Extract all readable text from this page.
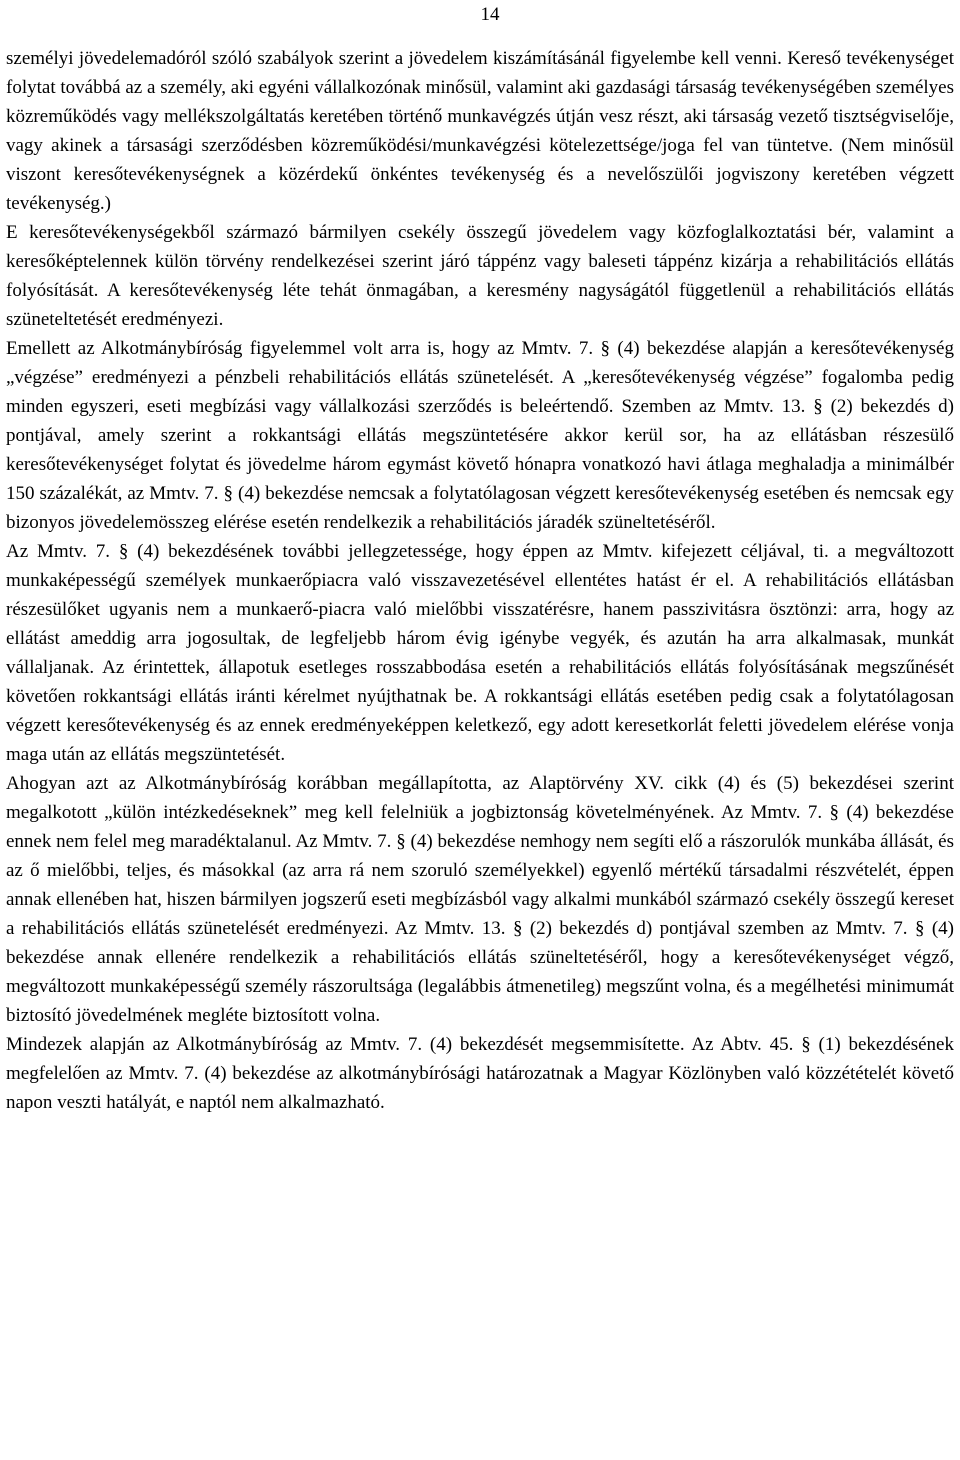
14

személyi jövedelemadóról szóló szabályok szerint a jövedelem kiszámításánál figyelembe kell venni. Kereső tevékenységet folytat továbbá az a személy, aki egyéni vállalkozónak minősül, valamint aki gazdasági társaság tevékenységében személyes közreműködés vagy mellékszolgáltatás keretében történő munkavégzés útján vesz részt, aki társaság vezető tisztségviselője, vagy akinek a társasági szerződésben közreműködési/munkavégzési kötelezettsége/joga fel van tüntetve. (Nem minősül viszont keresőtevékenységnek a közérdekű önkéntes tevékenység és a nevelőszülői jogviszony keretében végzett tevékenység.)

E keresőtevékenységekből származó bármilyen csekély összegű jövedelem vagy közfoglalkoztatási bér, valamint a keresőképtelennek külön törvény rendelkezései szerint járó táppénz vagy baleseti táppénz kizárja a rehabilitációs ellátás folyósítását. A keresőtevékenység léte tehát önmagában, a keresmény nagyságától függetlenül a rehabilitációs ellátás szüneteltetését eredményezi.

Emellett az Alkotmánybíróság figyelemmel volt arra is, hogy az Mmtv. 7. § (4) bekezdése alapján a keresőtevékenység „végzése” eredményezi a pénzbeli rehabilitációs ellátás szünetelését. A „keresőtevékenység végzése” fogalomba pedig minden egyszeri, eseti megbízási vagy vállalkozási szerződés is beleértendő. Szemben az Mmtv. 13. § (2) bekezdés d) pontjával, amely szerint a rokkantsági ellátás megszüntetésére akkor kerül sor, ha az ellátásban részesülő keresőtevékenységet folytat és jövedelme három egymást követő hónapra vonatkozó havi átlaga meghaladja a minimálbér 150 százalékát, az Mmtv. 7. § (4) bekezdése nemcsak a folytatólagosan végzett keresőtevékenység esetében és nemcsak egy bizonyos jövedelemösszeg elérése esetén rendelkezik a rehabilitációs járadék szüneltetéséről.

Az Mmtv. 7. § (4) bekezdésének további jellegzetessége, hogy éppen az Mmtv. kifejezett céljával, ti. a megváltozott munkaképességű személyek munkaerőpiacra való visszavezetésével ellentétes hatást ér el. A rehabilitációs ellátásban részesülőket ugyanis nem a munkaerő-piacra való mielőbbi visszatérésre, hanem passzivitásra ösztönzi: arra, hogy az ellátást ameddig arra jogosultak, de legfeljebb három évig igénybe vegyék, és azután ha arra alkalmasak, munkát vállaljanak. Az érintettek, állapotuk esetleges rosszabbodása esetén a rehabilitációs ellátás folyósításának megszűnését követően rokkantsági ellátás iránti kérelmet nyújthatnak be. A rokkantsági ellátás esetében pedig csak a folytatólagosan végzett keresőtevékenység és az ennek eredményeképpen keletkező, egy adott keresetkorlát feletti jövedelem elérése vonja maga után az ellátás megszüntetését.

Ahogyan azt az Alkotmánybíróság korábban megállapította, az Alaptörvény XV. cikk (4) és (5) bekezdései szerint megalkotott „külön intézkedéseknek” meg kell felelniük a jogbiztonság követelményének. Az Mmtv. 7. § (4) bekezdése ennek nem felel meg maradéktalanul. Az Mmtv. 7. § (4) bekezdése nemhogy nem segíti elő a rászorulók munkába állását, és az ő mielőbbi, teljes, és másokkal (az arra rá nem szoruló személyekkel) egyenlő mértékű társadalmi részvételét, éppen annak ellenében hat, hiszen bármilyen jogszerű eseti megbízásból vagy alkalmi munkából származó csekély összegű kereset a rehabilitációs ellátás szünetelését eredményezi. Az Mmtv. 13. § (2) bekezdés d) pontjával szemben az Mmtv. 7. § (4) bekezdése annak ellenére rendelkezik a rehabilitációs ellátás szüneltetéséről, hogy a keresőtevékenységet végző, megváltozott munkaképességű személy rászorultsága (legalábbis átmenetileg) megszűnt volna, és a megélhetési minimumát biztosító jövedelmének megléte biztosított volna.

Mindezek alapján az Alkotmánybíróság az Mmtv. 7. (4) bekezdését megsemmisítette. Az Abtv. 45. § (1) bekezdésének megfelelően az Mmtv. 7. (4) bekezdése az alkotmánybírósági határozatnak a Magyar Közlönyben való közzétételét követő napon veszti hatályát, e naptól nem alkalmazható.
